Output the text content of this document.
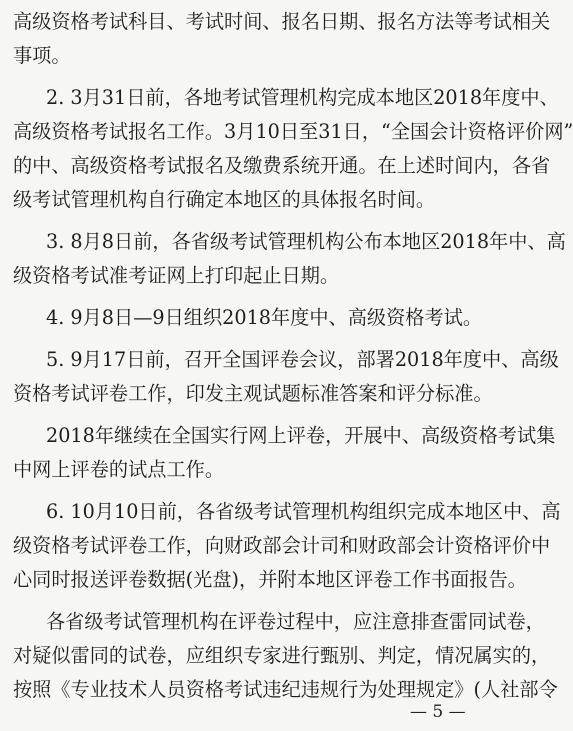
高级资格考试科目、考试时间、报名日期、报名方法等考试相关
事项。
2. 3月31日前，各地考试管理机构完成本地区2018年度中、
高级资格考试报名工作。3月10日至31日，“全国会计资格评价网”
的中、高级资格考试报名及缴费系统开通。在上述时间内，各省
级考试管理机构自行确定本地区的具体报名时间。
3. 8月8日前，各省级考试管理机构公布本地区2018年中、高
级资格考试准考证网上打印起止日期。
4. 9月8日—9日组织2018年度中、高级资格考试。
5. 9月17日前，召开全国评卷会议，部署2018年度中、高级
资格考试评卷工作，印发主观试题标准答案和评分标准。
2018年继续在全国实行网上评卷，开展中、高级资格考试集
中网上评卷的试点工作。
6. 10月10日前，各省级考试管理机构组织完成本地区中、高
级资格考试评卷工作，向财政部会计司和财政部会计资格评价中
心同时报送评卷数据(光盘)，并附本地区评卷工作书面报告。
各省级考试管理机构在评卷过程中，应注意排查雷同试卷，
对疑似雷同的试卷，应组织专家进行甄别、判定，情况属实的，
按照《专业技术人员资格考试违纪违规行为处理规定》(人社部令
— 5 —
